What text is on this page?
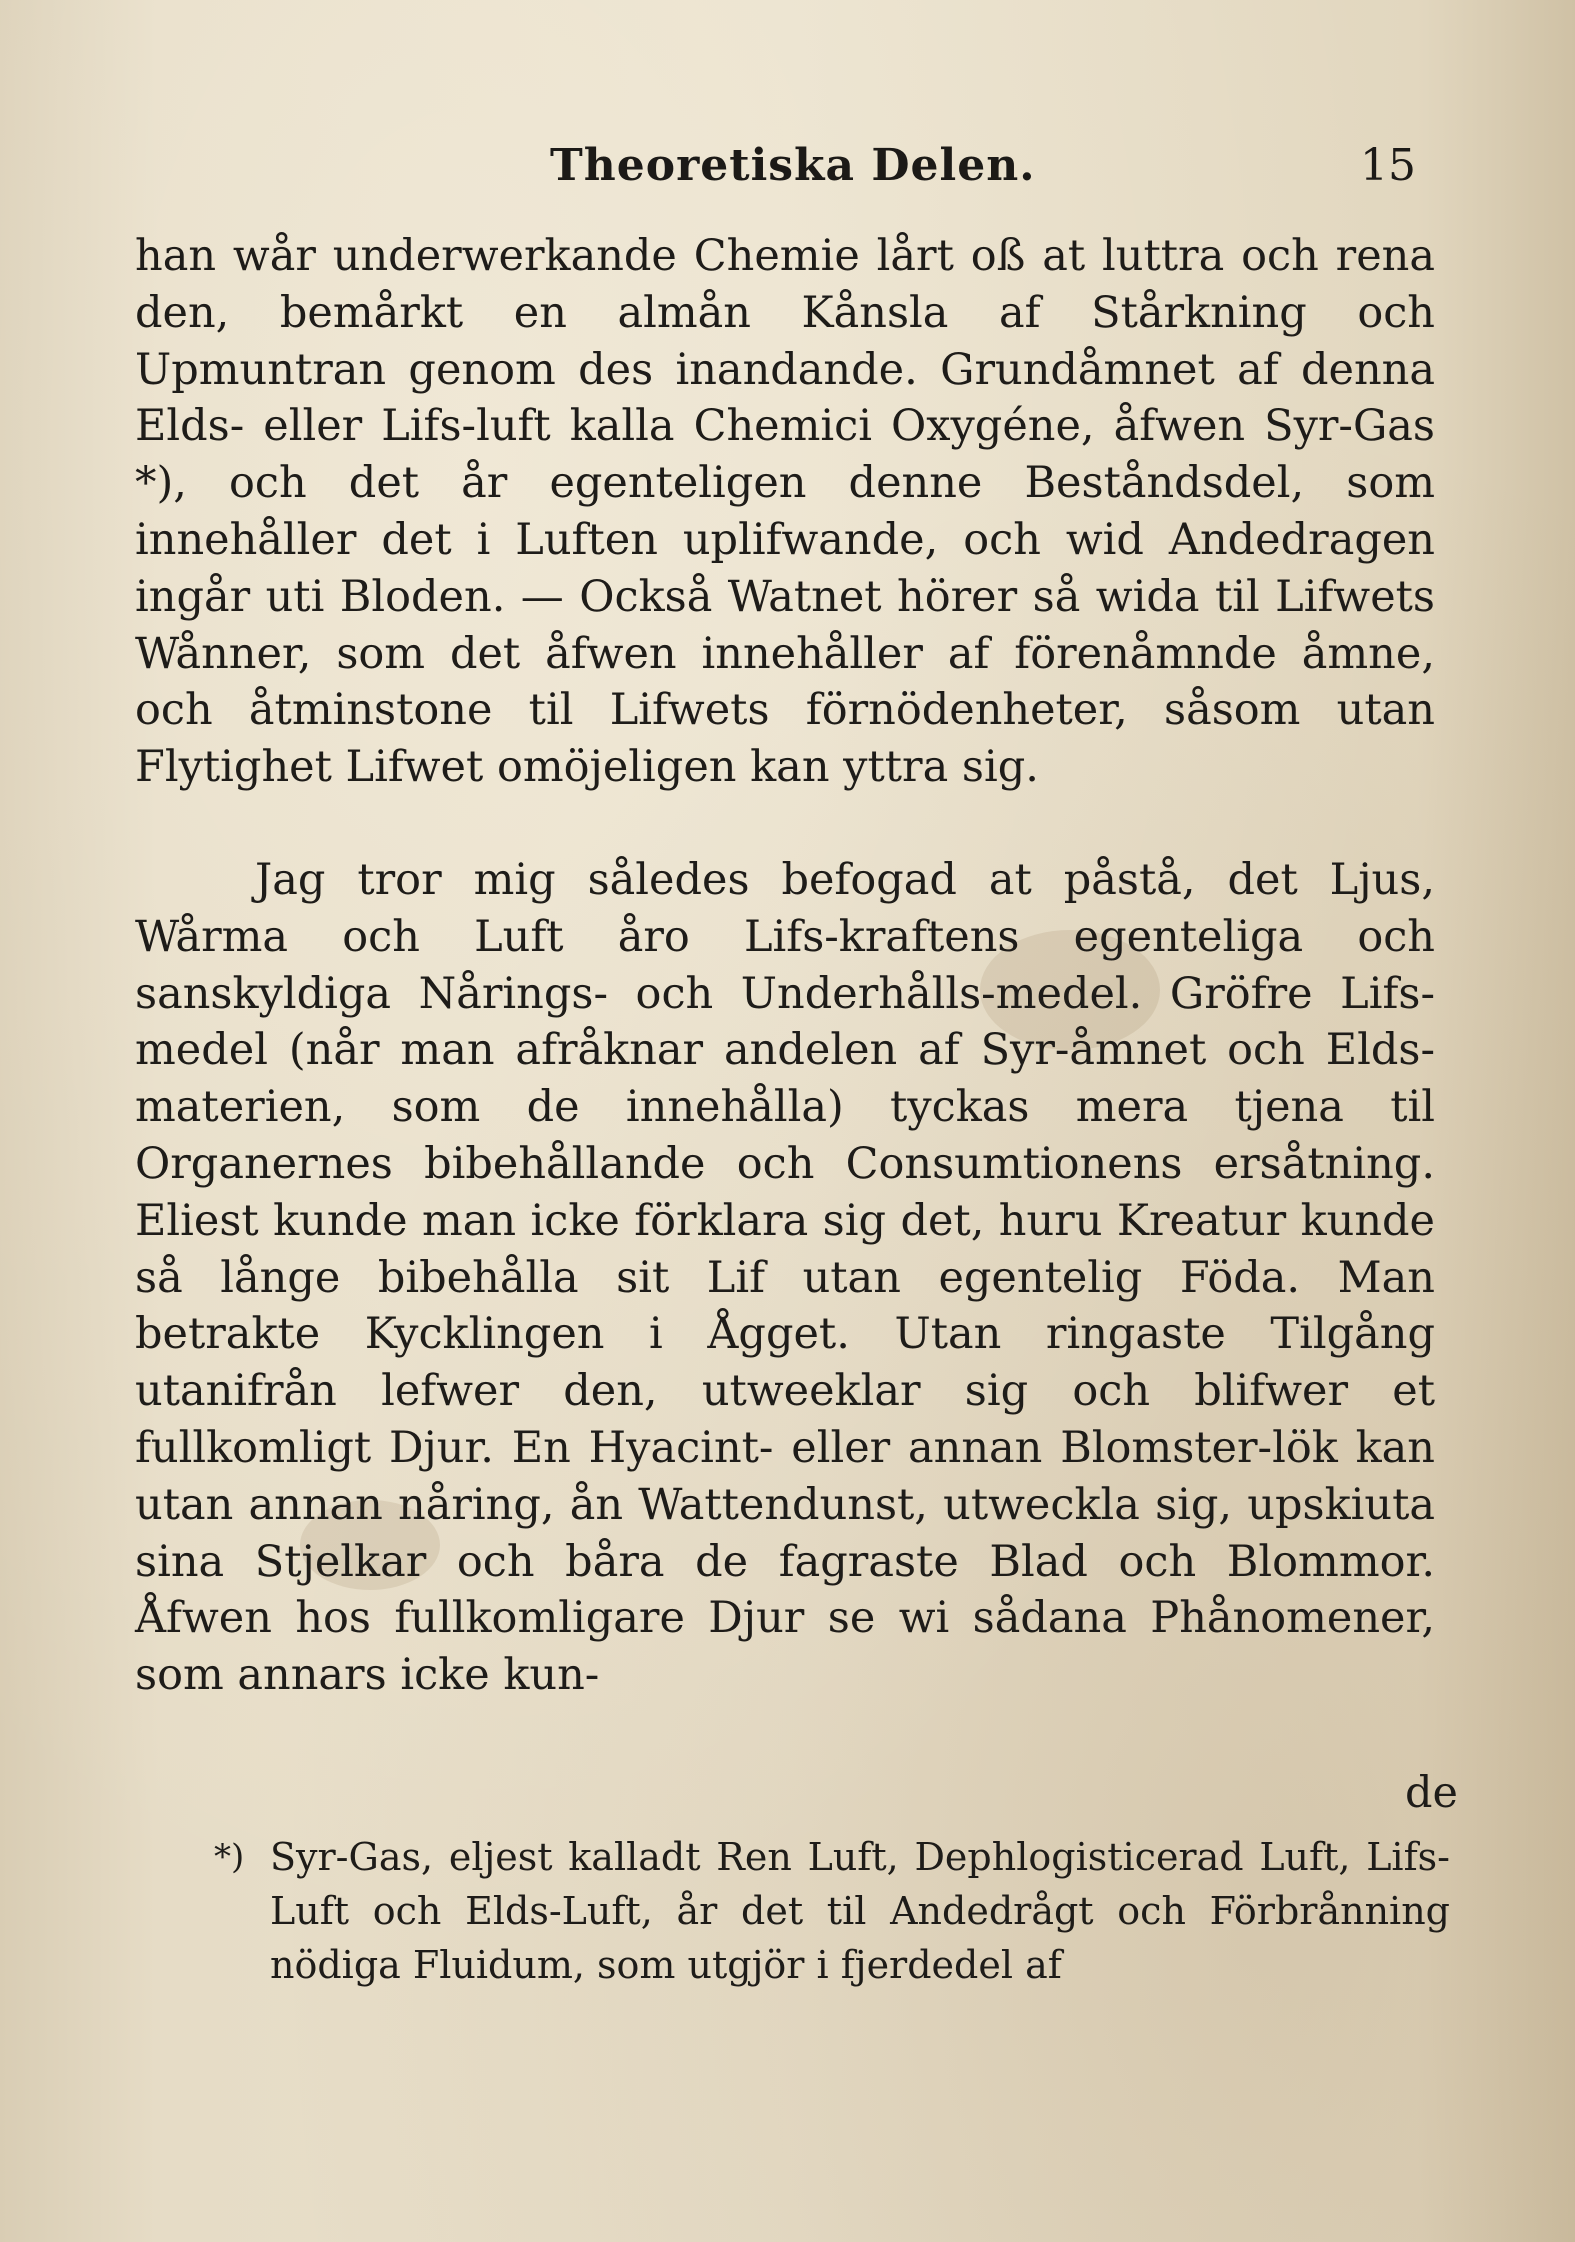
Theoretiska Delen.	15

han wår underwerkande Chemie lårt oß at luttra och rena den, bemårkt en almån Kånsla af Stårkning och Upmuntran genom des inandande. Grundåmnet af denna Elds- eller Lifs-luft kalla Chemici Oxygéne, åfwen Syr-Gas *), och det år egenteligen denne Beståndsdel, som innehåller det i Luften uplifwande, och wid Andedragen ingår uti Bloden. — Också Watnet hörer så wida til Lifwets Wånner, som det åfwen innehåller af förenåmnde åmne, och åtminstone til Lifwets förnödenheter, såsom utan Flytighet Lifwet omöjeligen kan yttra sig.

Jag tror mig således befogad at påstå, det Ljus, Wårma och Luft åro Lifs-kraftens egenteliga och sanskyldiga Nårings- och Underhålls-medel. Gröfre Lifs-medel (når man afråknar andelen af Syr-åmnet och Elds-materien, som de innehålla) tyckas mera tjena til Organernes bibehållande och Consumtionens ersåtning. Eliest kunde man icke förklara sig det, huru Kreatur kunde så långe bibehålla sit Lif utan egentelig Föda. Man betrakte Kycklingen i Ågget. Utan ringaste Tilgång utanifrån lefwer den, utweeklar sig och blifwer et fullkomligt Djur. En Hyacint- eller annan Blomster-lök kan utan annan nåring, ån Wattendunst, utweckla sig, upskiuta sina Stjelkar och båra de fagraste Blad och Blommor. Åfwen hos fullkomligare Djur se wi sådana Phånomener, som annars icke kun-

de
*) Syr-Gas, eljest kalladt Ren Luft, Dephlogisticerad Luft, Lifs-Luft och Elds-Luft, år det til Andedrågt och Förbrånning nödiga Fluidum, som utgjör i fjerdedel af
